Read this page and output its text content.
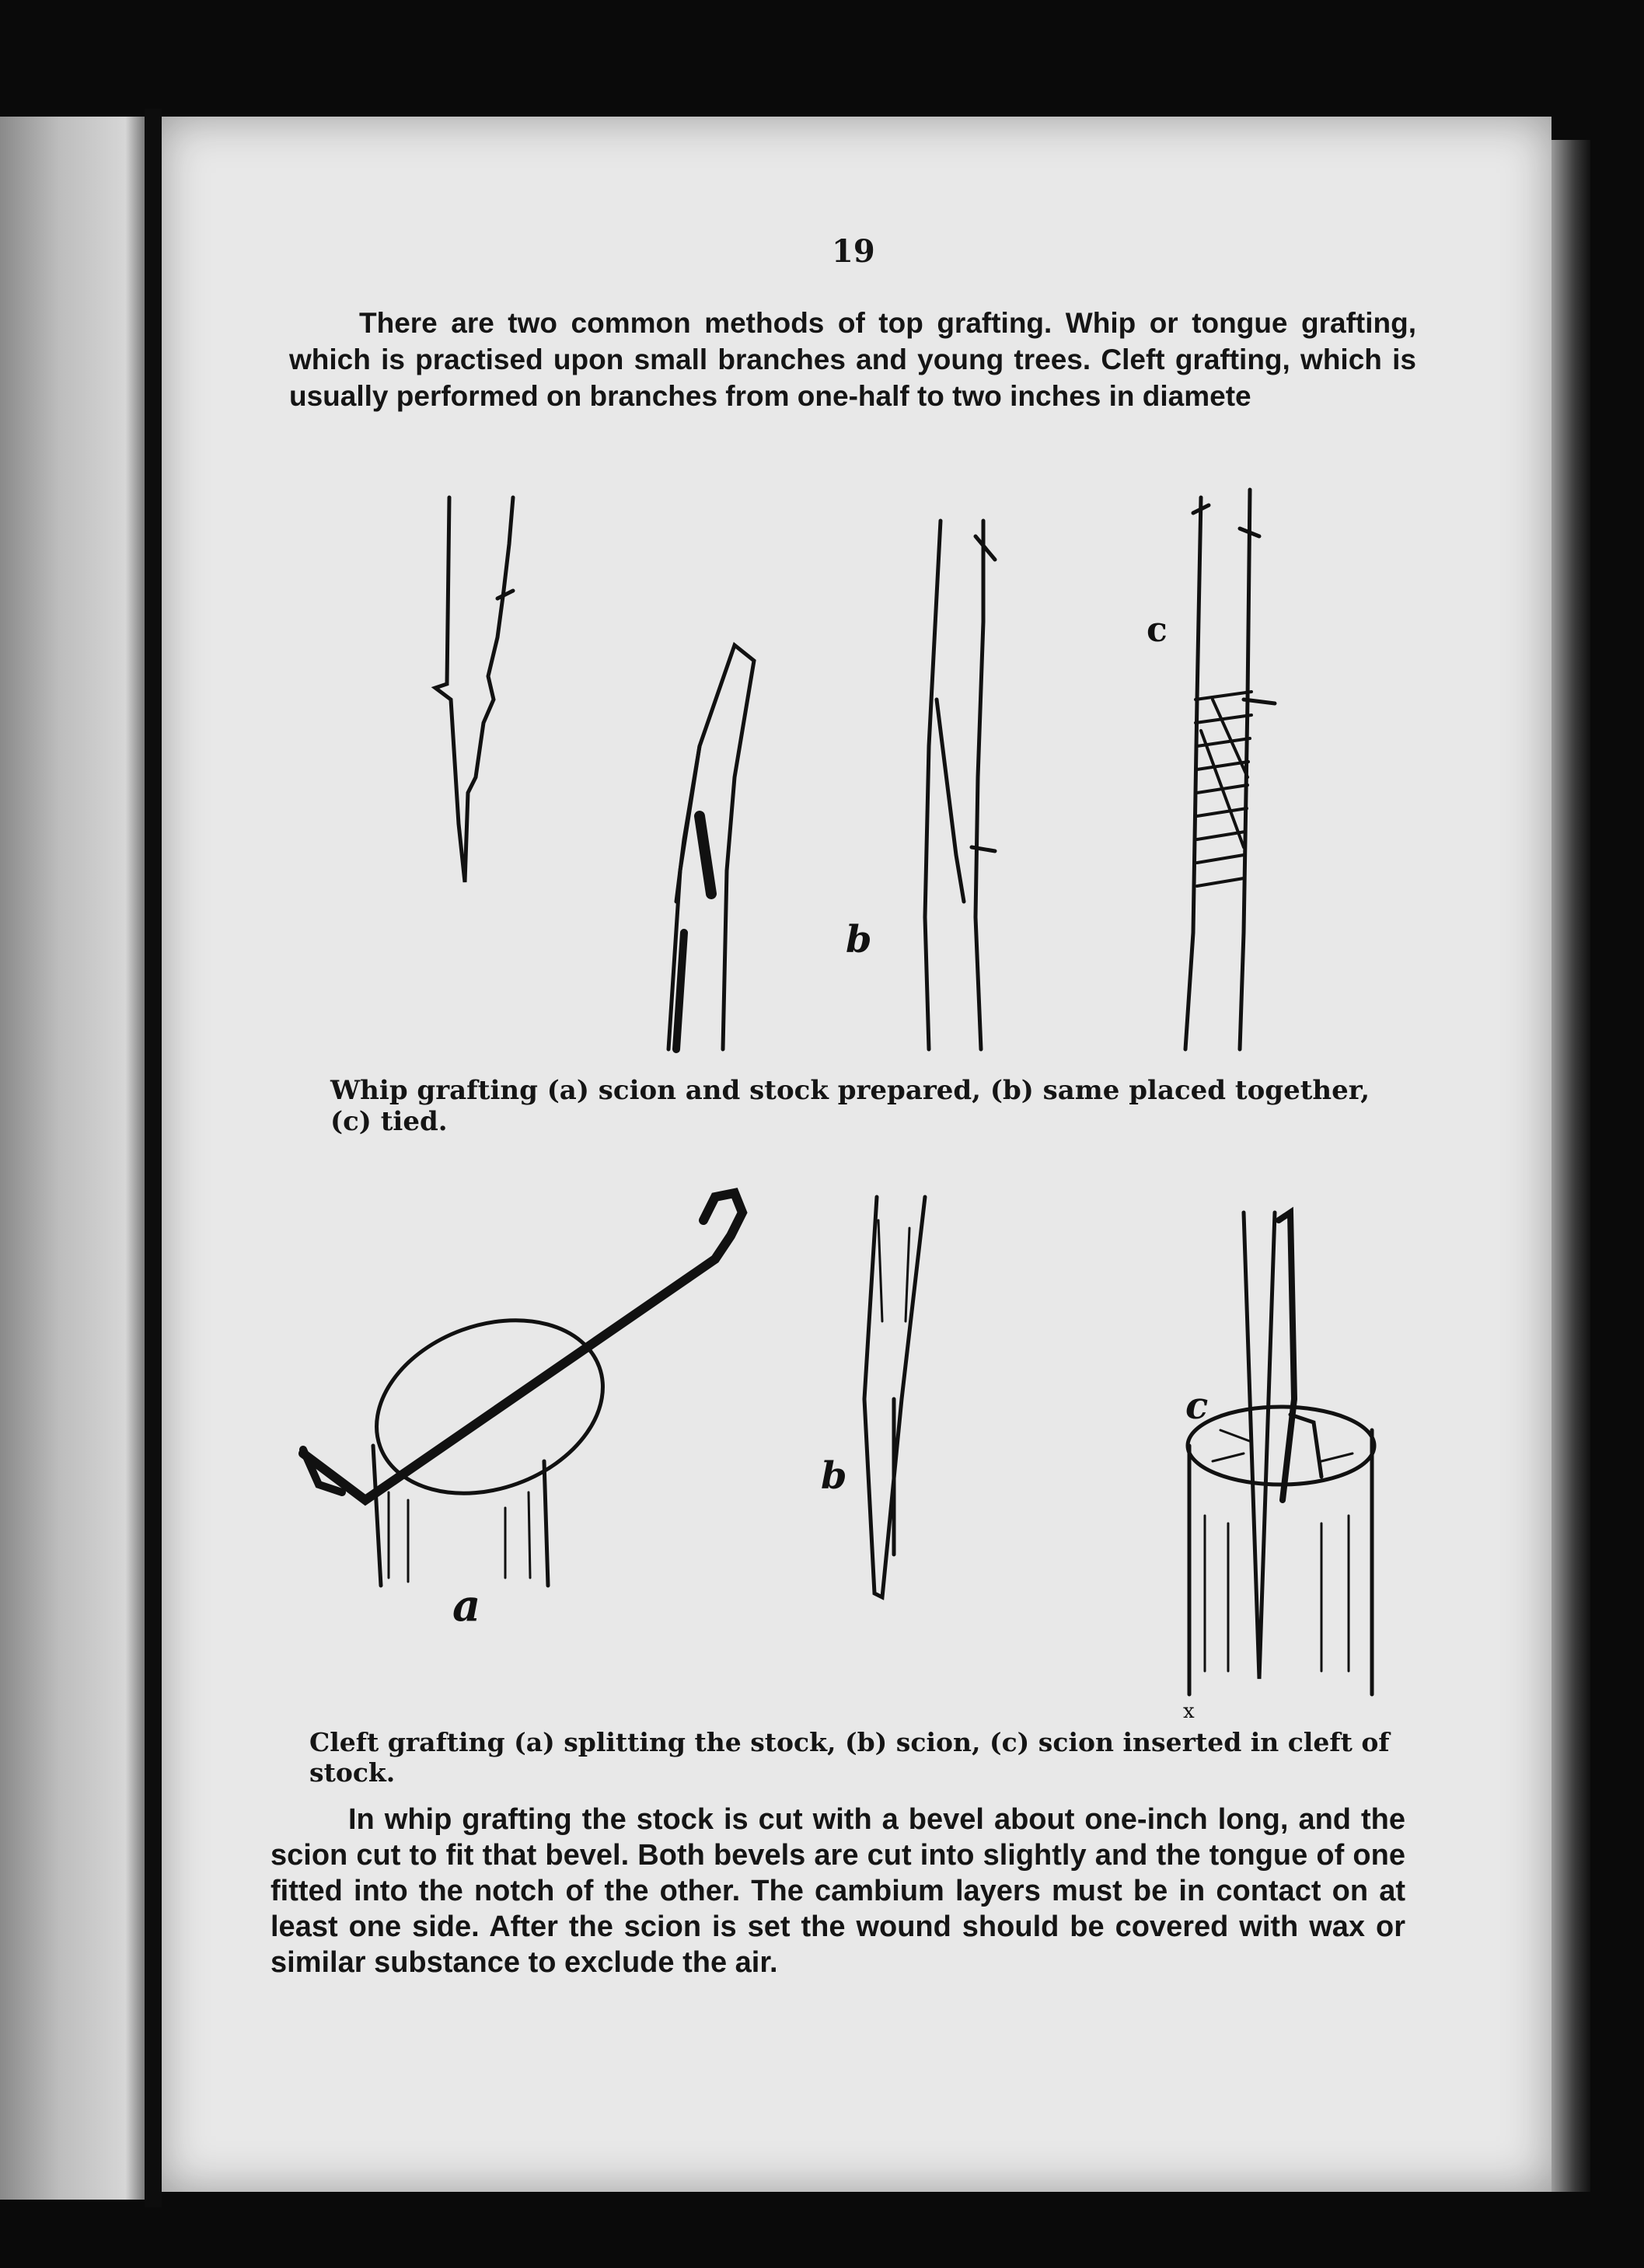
19
There are two common methods of top grafting. Whip or tongue grafting, which is practised upon small branches and young trees. Cleft grafting, which is usually performed on branches from one-half to two inches in diamete
b
c
Whip grafting (a) scion and stock prepared, (b) same placed together, (c) tied.
a
b
c
x
Cleft grafting (a) splitting the stock, (b) scion, (c) scion inserted in cleft of stock.
In whip grafting the stock is cut with a bevel about one-inch long, and the scion cut to fit that bevel. Both bevels are cut into slightly and the tongue of one fitted into the notch of the other. The cambium layers must be in contact on at least one side. After the scion is set the wound should be covered with wax or similar substance to exclude the air.
